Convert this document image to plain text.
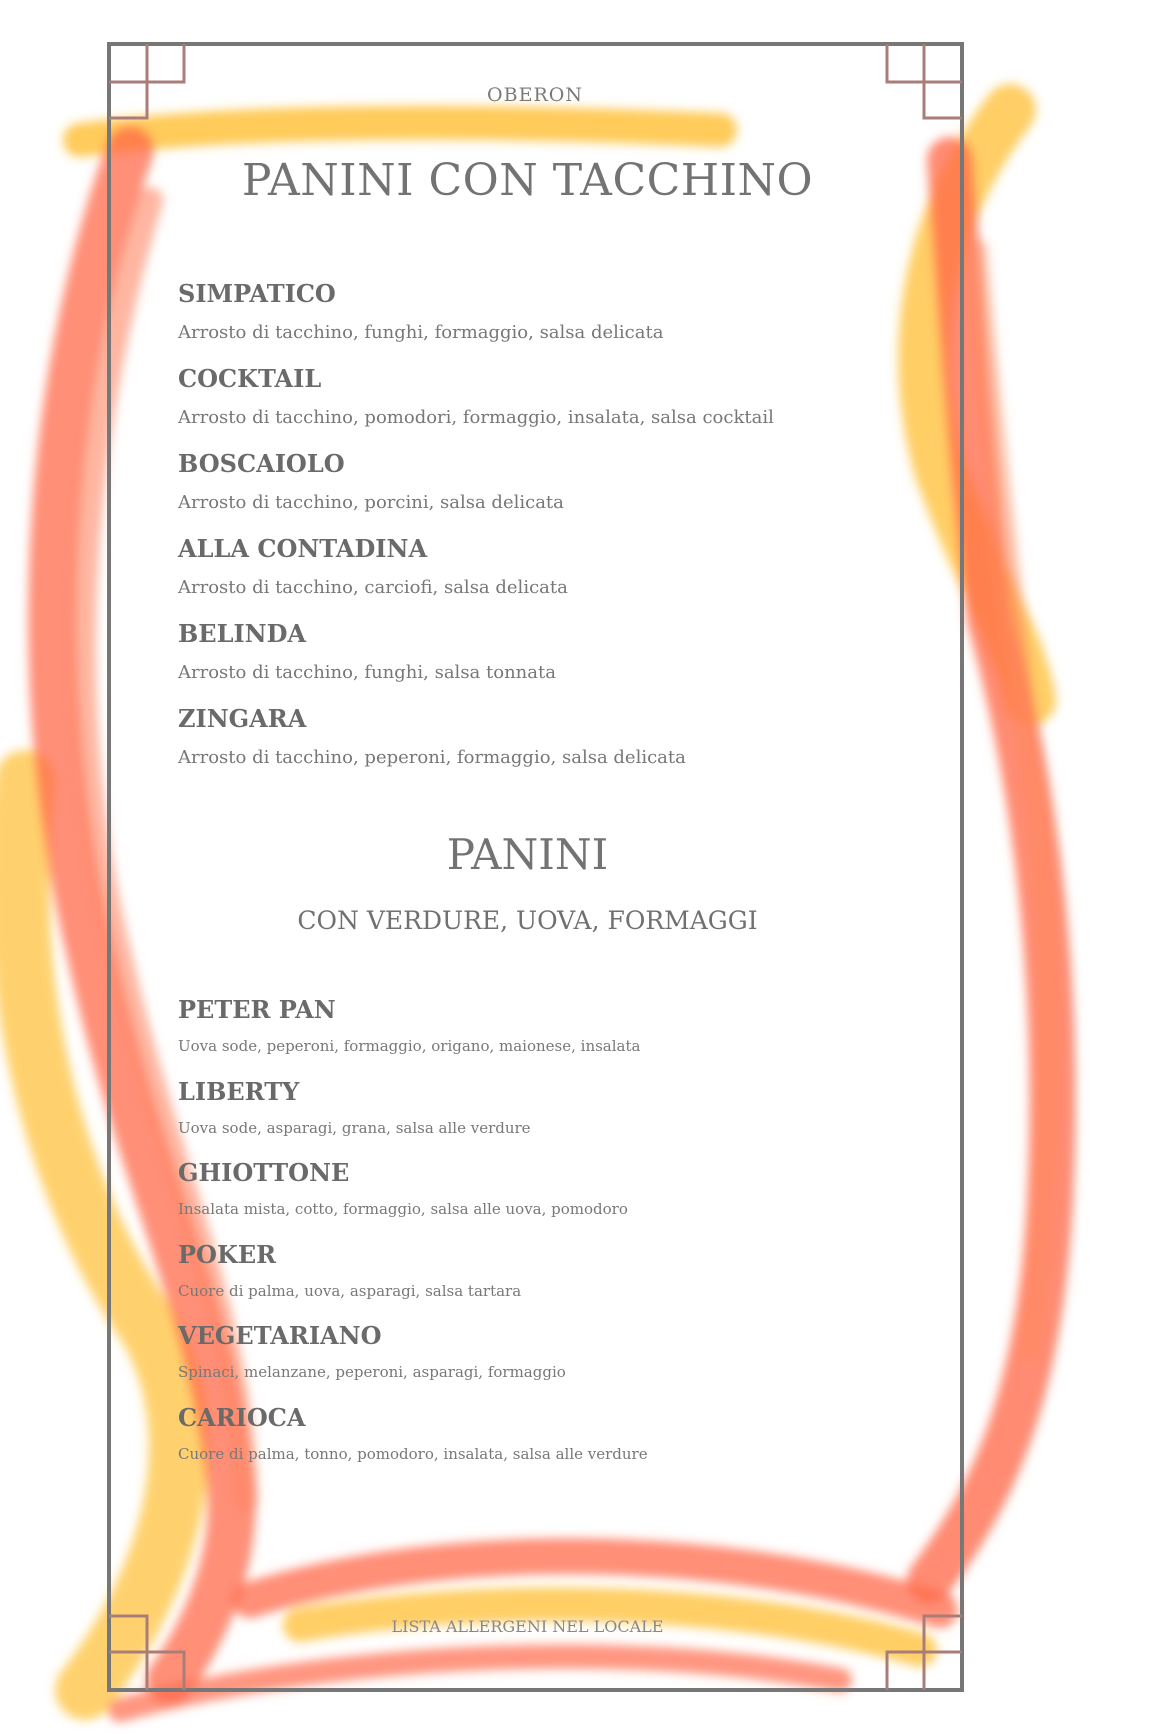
OBERON
PANINI CON TACCHINO
SIMPATICO
Arrosto di tacchino, funghi, formaggio, salsa delicata
COCKTAIL
Arrosto di tacchino, pomodori, formaggio, insalata, salsa cocktail
BOSCAIOLO
Arrosto di tacchino, porcini, salsa delicata
ALLA CONTADINA
Arrosto di tacchino, carciofi, salsa delicata
BELINDA
Arrosto di tacchino, funghi, salsa tonnata
ZINGARA
Arrosto di tacchino, peperoni, formaggio, salsa delicata
PANINI
CON VERDURE, UOVA, FORMAGGI
PETER PAN
Uova sode, peperoni, formaggio, origano, maionese, insalata
LIBERTY
Uova sode, asparagi, grana, salsa alle verdure
GHIOTTONE
Insalata mista, cotto, formaggio, salsa alle uova, pomodoro
POKER
Cuore di palma, uova, asparagi, salsa tartara
VEGETARIANO
Spinaci, melanzane, peperoni, asparagi, formaggio
CARIOCA
Cuore di palma, tonno, pomodoro, insalata, salsa alle verdure
LISTA ALLERGENI NEL LOCALE
